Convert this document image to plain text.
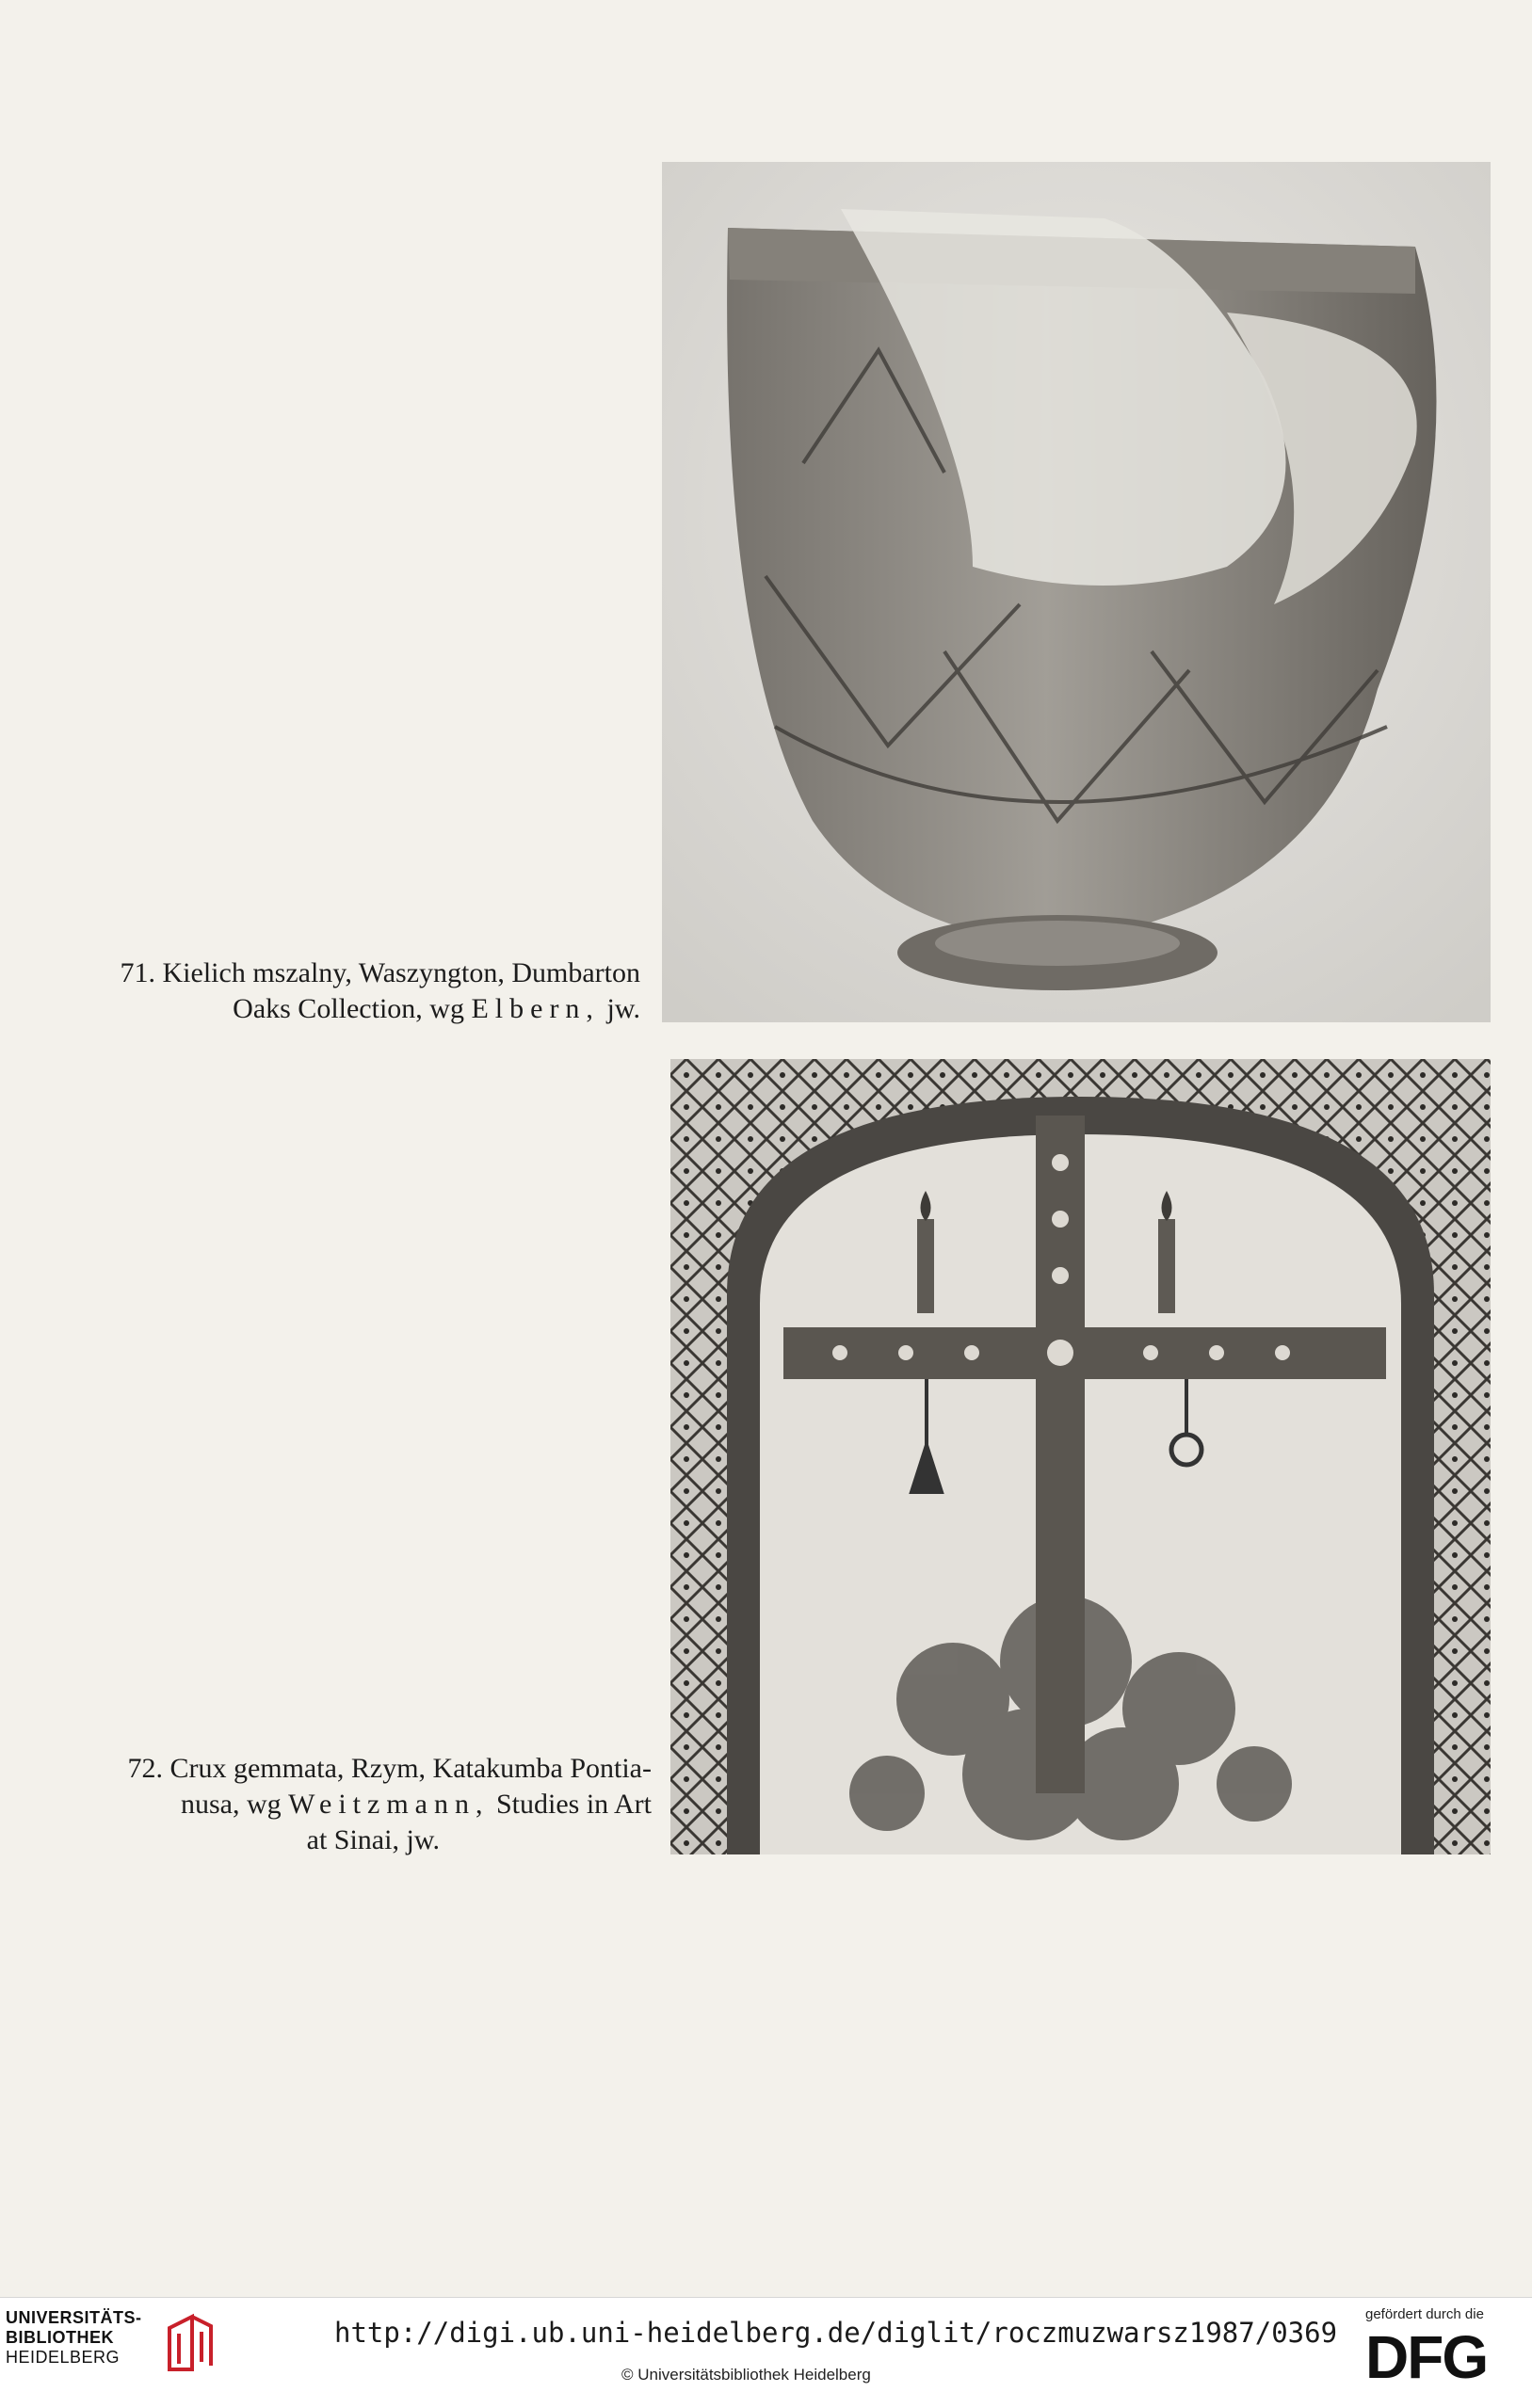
71. Kielich mszalny, Waszyngton, Dumbarton
Oaks Collection, wg Elbern, jw.
72. Crux gemmata, Rzym, Katakumba Pontia-
nusa, wg Weitzmann, Studies in Art
at Sinai, jw.
UNIVERSITÄTS-
BIBLIOTHEK
HEIDELBERG
http://digi.ub.uni-heidelberg.de/diglit/roczmuzwarsz1987/0369
© Universitätsbibliothek Heidelberg
gefördert durch die
DFG
